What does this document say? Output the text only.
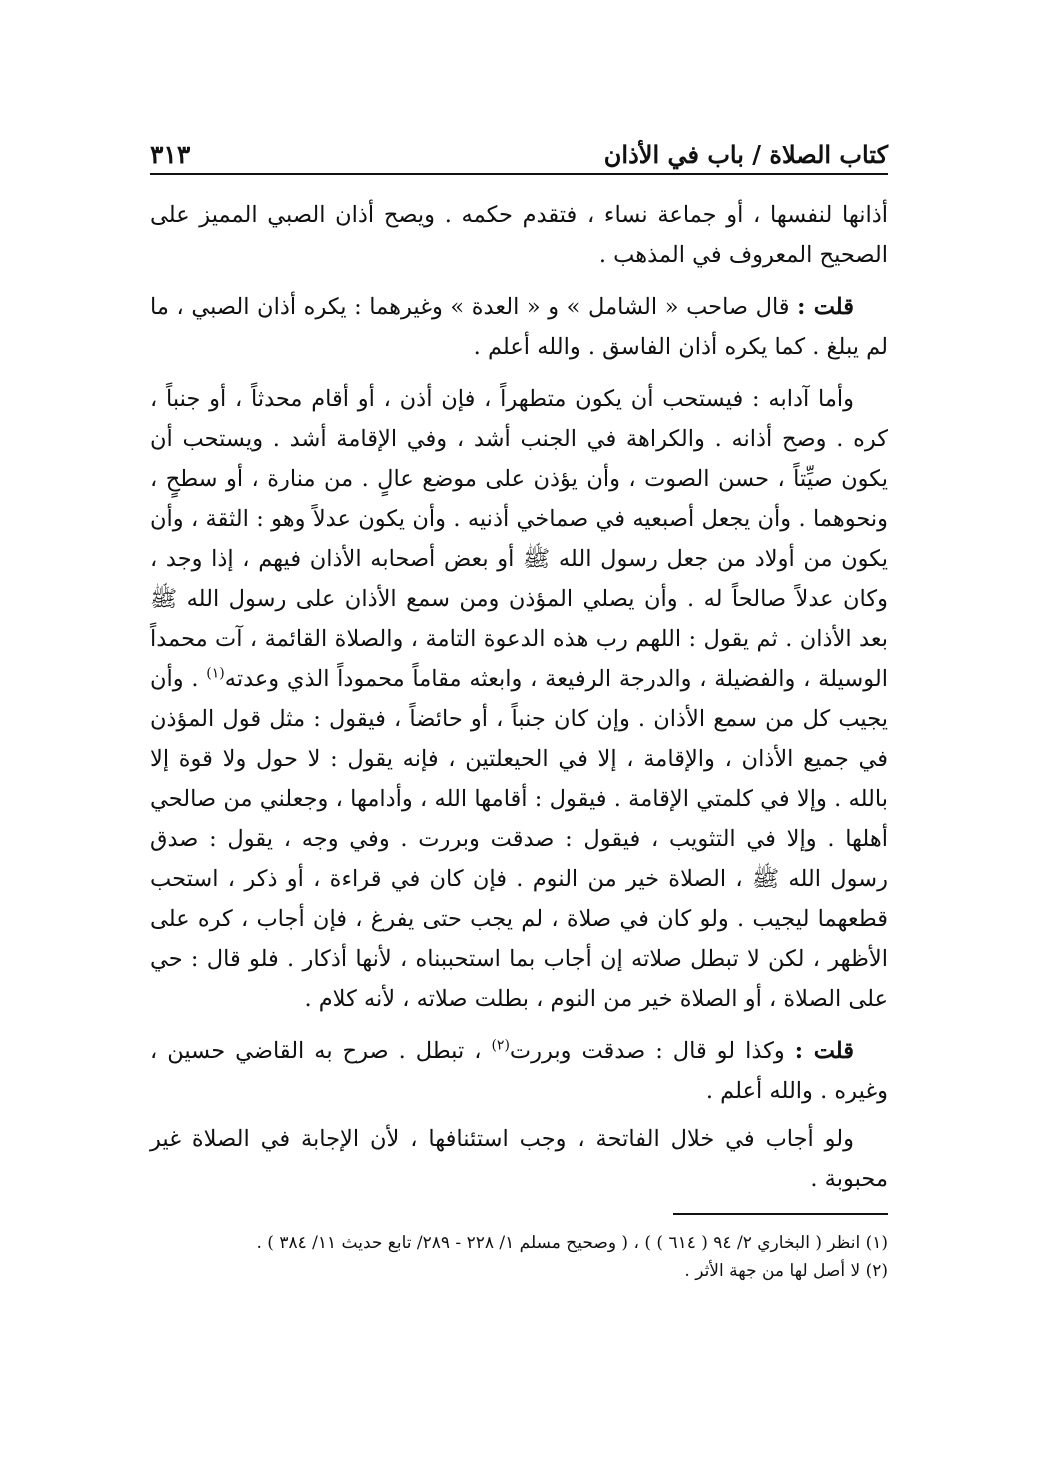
كتاب الصلاة / باب في الأذان
٣١٣

أذانها لنفسها ، أو جماعة نساء ، فتقدم حكمه . ويصح أذان الصبي المميز على الصحيح المعروف في المذهب .

قلت : قال صاحب « الشامل » و « العدة » وغيرهما : يكره أذان الصبي ، ما لم يبلغ . كما يكره أذان الفاسق . والله أعلم .

وأما آدابه : فيستحب أن يكون متطهراً ، فإن أذن ، أو أقام محدثاً ، أو جنباً ، كره . وصح أذانه . والكراهة في الجنب أشد ، وفي الإقامة أشد . ويستحب أن يكون صيِّتاً ، حسن الصوت ، وأن يؤذن على موضع عالٍ . من منارة ، أو سطحٍ ، ونحوهما . وأن يجعل أصبعيه في صماخي أذنيه . وأن يكون عدلاً وهو : الثقة ، وأن يكون من أولاد من جعل رسول الله ﷺ أو بعض أصحابه الأذان فيهم ، إذا وجد ، وكان عدلاً صالحاً له . وأن يصلي المؤذن ومن سمع الأذان على رسول الله ﷺ بعد الأذان . ثم يقول : اللهم رب هذه الدعوة التامة ، والصلاة القائمة ، آت محمداً الوسيلة ، والفضيلة ، والدرجة الرفيعة ، وابعثه مقاماً محموداً الذي وعدته$^{(١)}$ . وأن يجيب كل من سمع الأذان . وإن كان جنباً ، أو حائضاً ، فيقول : مثل قول المؤذن في جميع الأذان ، والإقامة ، إلا في الحيعلتين ، فإنه يقول : لا حول ولا قوة إلا بالله . وإلا في كلمتي الإقامة . فيقول : أقامها الله ، وأدامها ، وجعلني من صالحي أهلها . وإلا في التثويب ، فيقول : صدقت وبررت . وفي وجه ، يقول : صدق رسول الله ﷺ ، الصلاة خير من النوم . فإن كان في قراءة ، أو ذكر ، استحب قطعهما ليجيب . ولو كان في صلاة ، لم يجب حتى يفرغ ، فإن أجاب ، كره على الأظهر ، لكن لا تبطل صلاته إن أجاب بما استحببناه ، لأنها أذكار . فلو قال : حي على الصلاة ، أو الصلاة خير من النوم ، بطلت صلاته ، لأنه كلام .

قلت : وكذا لو قال : صدقت وبررت$^{(٢)}$ ، تبطل . صرح به القاضي حسين ، وغيره . والله أعلم .

ولو أجاب في خلال الفاتحة ، وجب استئنافها ، لأن الإجابة في الصلاة غير محبوبة .

(١) انظر ( البخاري ٢/ ٩٤ ( ٦١٤ ) ) ، ( وصحيح مسلم ١/ ٢٢٨ - ٢٨٩/ تابع حديث ١١/ ٣٨٤ ) .

(٢) لا أصل لها من جهة الأثر .
